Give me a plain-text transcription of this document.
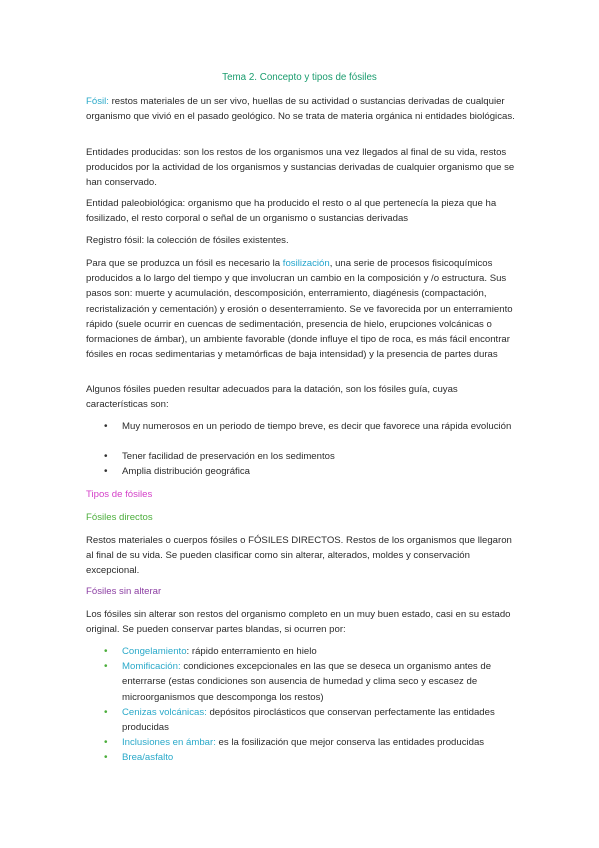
Tema 2. Concepto y tipos de fósiles

Fósil: restos materiales de un ser vivo, huellas de su actividad o sustancias derivadas de cualquier organismo que vivió en el pasado geológico. No se trata de materia orgánica ni entidades biológicas.

Entidades producidas: son los restos de los organismos una vez llegados al final de su vida, restos producidos por la actividad de los organismos y sustancias derivadas de cualquier organismo que se han conservado.

Entidad paleobiológica: organismo que ha producido el resto o al que pertenecía la pieza que ha fosilizado, el resto corporal o señal de un organismo o sustancias derivadas

Registro fósil: la colección de fósiles existentes.

Para que se produzca un fósil es necesario la fosilización, una serie de procesos fisicoquímicos producidos a lo largo del tiempo y que involucran un cambio en la composición y /o estructura. Sus pasos son: muerte y acumulación, descomposición, enterramiento, diagénesis (compactación, recristalización y cementación) y erosión o desenterramiento. Se ve favorecida por un enterramiento rápido (suele ocurrir en cuencas de sedimentación, presencia de hielo, erupciones volcánicas o formaciones de ámbar), un ambiente favorable (donde influye el tipo de roca, es más fácil encontrar fósiles en rocas sedimentarias y metamórficas de baja intensidad) y la presencia de partes duras

Algunos fósiles pueden resultar adecuados para la datación, son los fósiles guía, cuyas características son:

• Muy numerosos en un periodo de tiempo breve, es decir que favorece una rápida evolución
• Tener facilidad de preservación en los sedimentos
• Amplia distribución geográfica

Tipos de fósiles

Fósiles directos

Restos materiales o cuerpos fósiles o FÓSILES DIRECTOS. Restos de los organismos que llegaron al final de su vida. Se pueden clasificar como sin alterar, alterados, moldes y conservación excepcional.

Fósiles sin alterar

Los fósiles sin alterar son restos del organismo completo en un muy buen estado, casi en su estado original. Se pueden conservar partes blandas, si ocurren por:

• Congelamiento: rápido enterramiento en hielo
• Momificación: condiciones excepcionales en las que se deseca un organismo antes de enterrarse (estas condiciones son ausencia de humedad y clima seco y escasez de microorganismos que descomponga los restos)
• Cenizas volcánicas: depósitos piroclásticos que conservan perfectamente las entidades producidas
• Inclusiones en ámbar: es la fosilización que mejor conserva las entidades producidas
• Brea/asfalto
